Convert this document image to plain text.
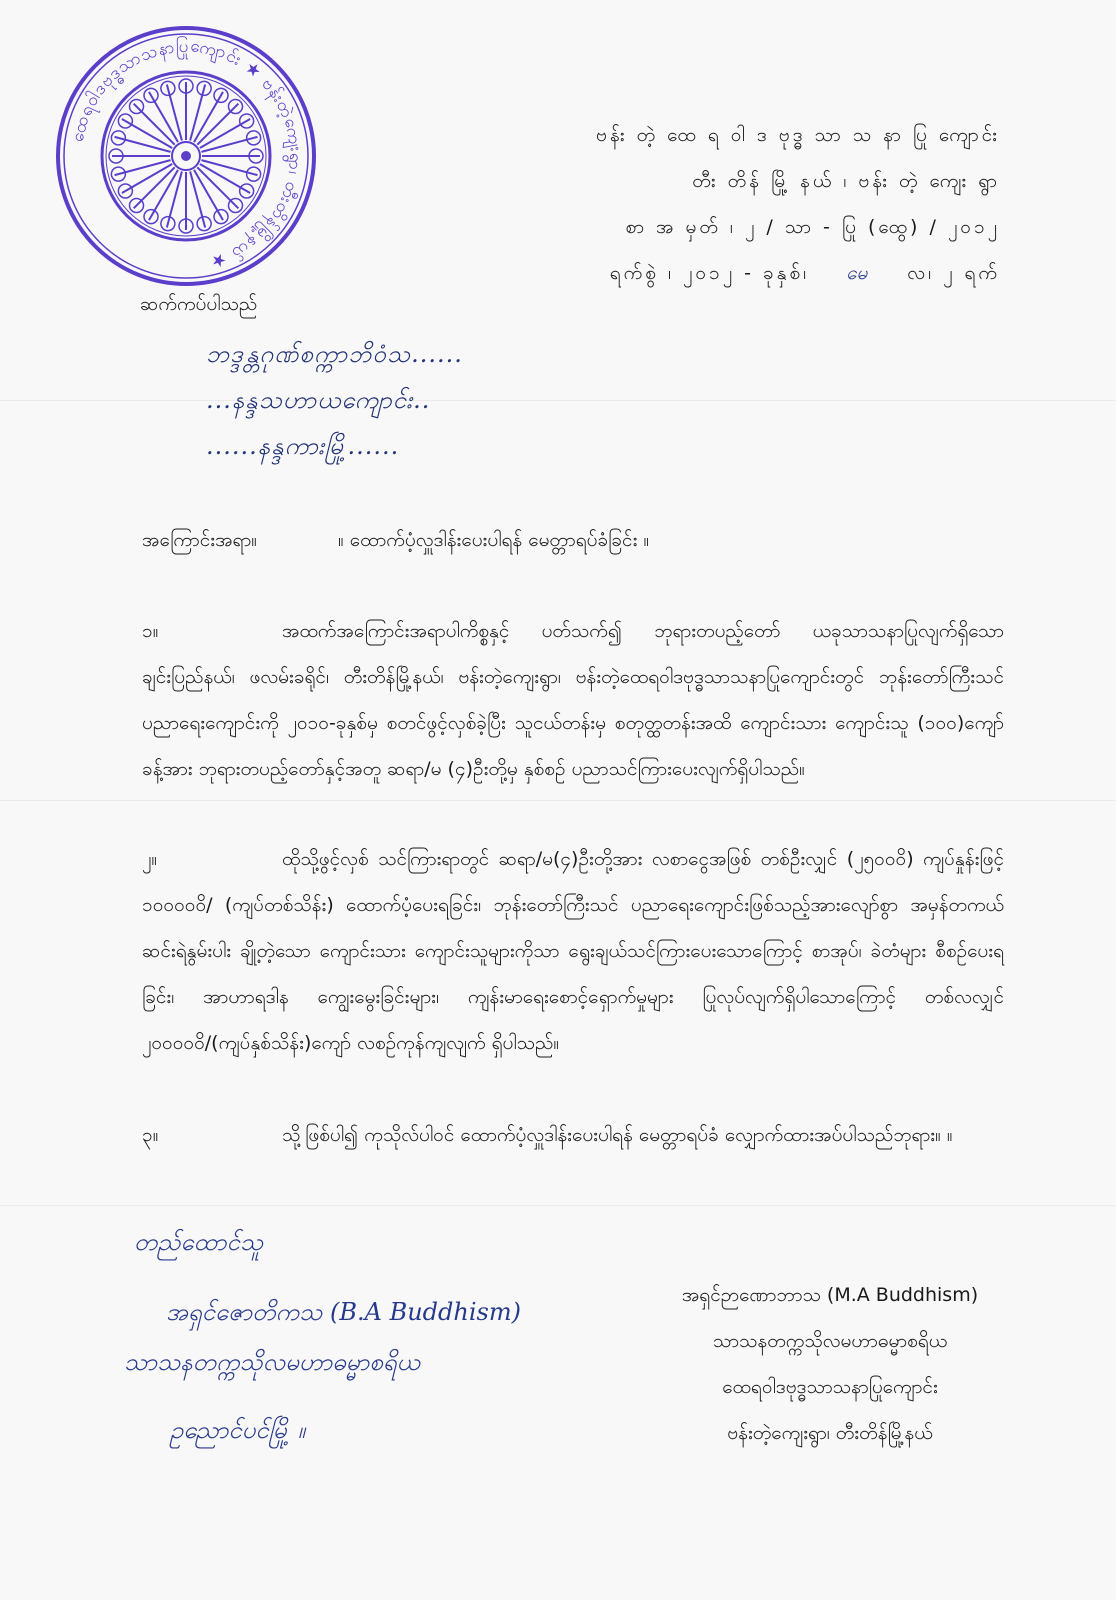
ထေရဝါဒဗုဒ္ဓသာသနာပြုကျောင်း ★ ဗန်းတဲ့ကျေးရွာ၊ တီးတိန်မြို့နယ် ★
ဗန်း တဲ့ ထေ ရ ဝါ ဒ ဗုဒ္ဓ သာ သ နာ ပြု ကျောင်း
တီး တိန် မြို့ နယ် ၊ ဗန်း တဲ့ ကျေး ရွာ
စာ အ မှတ် ၊ ၂ / သာ - ပြု (ထွေ) / ၂၀၁၂
ရက်စွဲ ၊ ၂၀၁၂ - ခုနှစ်၊ မေ လ၊ ၂ ရက်
ဆက်ကပ်ပါသည်
ဘဒ္ဒန္တဂုဏ်စက္ကာဘိဝံသ......
...နန္ဒသဟာယကျောင်း..
......နန္ဒကားမြို့......
အကြောင်းအရာ။	။ ထောက်ပံ့လှူဒါန်းပေးပါရန် မေတ္တာရပ်ခံခြင်း ။
၁။	အထက်အကြောင်းအရာပါကိစ္စနှင့် ပတ်သက်၍ ဘုရားတပည့်တော် ယခုသာသနာပြုလျက်ရှိသော ချင်းပြည်နယ်၊ ဖလမ်းခရိုင်၊ တီးတိန်မြို့နယ်၊ ဗန်းတဲ့ကျေးရွာ၊ ဗန်းတဲ့ထေရဝါဒဗုဒ္ဓသာသနာပြုကျောင်းတွင် ဘုန်းတော်ကြီးသင် ပညာရေးကျောင်းကို ၂၀၁၀-ခုနှစ်မှ စတင်ဖွင့်လှစ်ခဲ့ပြီး သူငယ်တန်းမှ စတုတ္ထတန်းအထိ ကျောင်းသား ကျောင်းသူ (၁၀၀)ကျော်ခန့်အား ဘုရားတပည့်တော်နှင့်အတူ ဆရာ/မ (၄)ဦးတို့မှ နှစ်စဉ် ပညာသင်ကြားပေးလျက်ရှိပါသည်။
၂။	ထိုသို့ဖွင့်လှစ် သင်ကြားရာတွင် ဆရာ/မ(၄)ဦးတို့အား လစာငွေအဖြစ် တစ်ဦးလျှင် (၂၅၀၀၀ိ) ကျပ်နှုန်းဖြင့် ၁၀၀၀၀၀ိ/ (ကျပ်တစ်သိန်း) ထောက်ပံ့ပေးရခြင်း၊ ဘုန်းတော်ကြီးသင် ပညာရေးကျောင်းဖြစ်သည့်အားလျော်စွာ အမှန်တကယ် ဆင်းရဲနွမ်းပါး ချို့တဲ့သော ကျောင်းသား ကျောင်းသူများကိုသာ ရွေးချယ်သင်ကြားပေးသောကြောင့် စာအုပ်၊ ခဲတံများ စီစဉ်ပေးရခြင်း၊ အာဟာရဒါန ကျွေးမွေးခြင်းများ၊ ကျန်းမာရေးစောင့်ရှောက်မှုများ ပြုလုပ်လျက်ရှိပါသောကြောင့် တစ်လလျှင် ၂၀၀၀၀၀ိ/(ကျပ်နှစ်သိန်း)ကျော် လစဉ်ကုန်ကျလျက် ရှိပါသည်။
၃။	သို့ဖြစ်ပါ၍ ကုသိုလ်ပါဝင် ထောက်ပံ့လှူဒါန်းပေးပါရန် မေတ္တာရပ်ခံ လျှောက်ထားအပ်ပါသည်ဘုရား။ ။
တည်ထောင်သူ
အရှင်ဇောတိကသ (B.A Buddhism)
သာသနတက္ကသိုလမဟာဓမ္မာစရိယ
ဥညောင်ပင်မြို့ ။
အရှင်ဉာဏောဘာသ (M.A Buddhism)
သာသနတက္ကသိုလမဟာဓမ္မာစရိယ
ထေရဝါဒဗုဒ္ဓသာသနာပြုကျောင်း
ဗန်းတဲ့ကျေးရွာ၊ တီးတိန်မြို့နယ်
